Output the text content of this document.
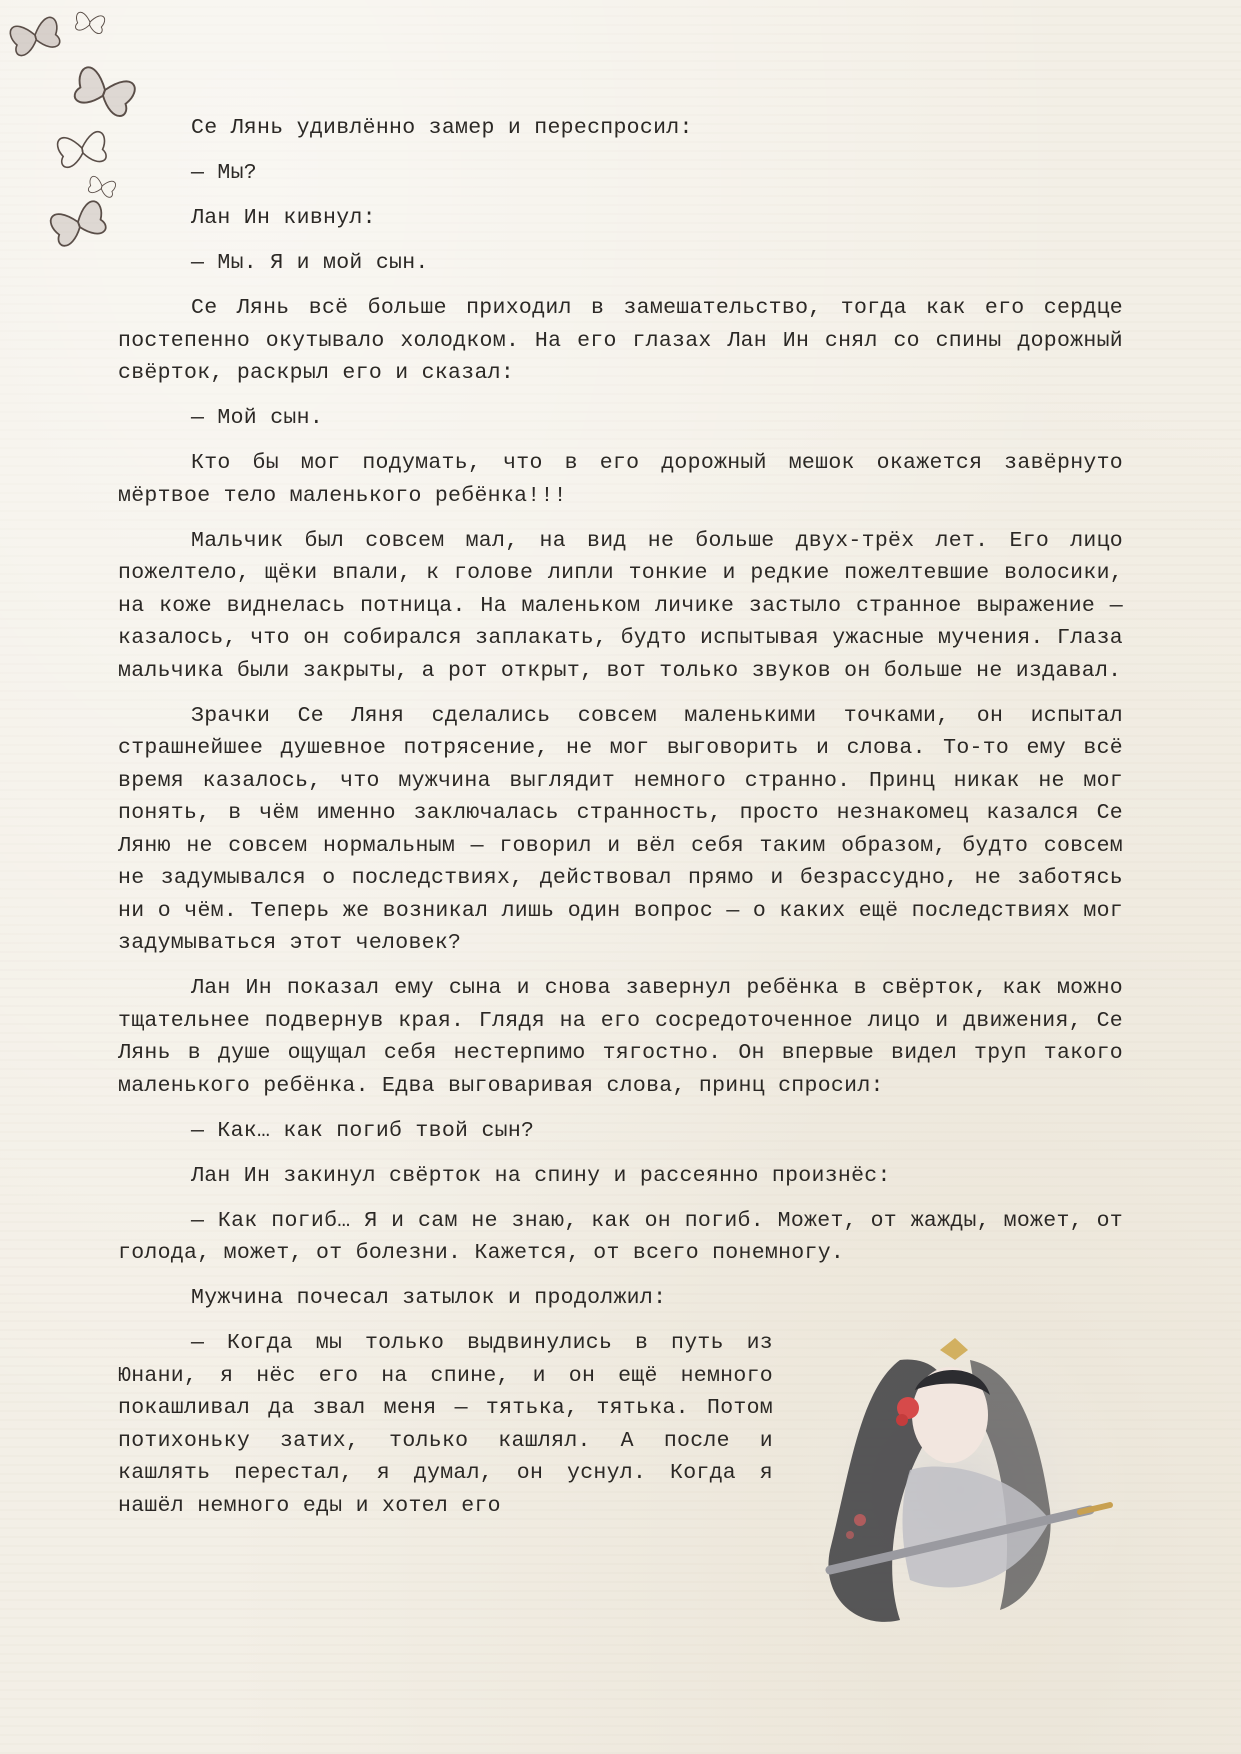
Се Лянь удивлённо замер и переспросил:

— Мы?

Лан Ин кивнул:

— Мы. Я и мой сын.

Се Лянь всё больше приходил в замешательство, тогда как его сердце постепенно окутывало холодком. На его глазах Лан Ин снял со спины дорожный свёрток, раскрыл его и сказал:

— Мой сын.

Кто бы мог подумать, что в его дорожный мешок окажется завёрнуто мёртвое тело маленького ребёнка!!!

Мальчик был совсем мал, на вид не больше двух-трёх лет. Его лицо пожелтело, щёки впали, к голове липли тонкие и редкие пожелтевшие волосики, на коже виднелась потница. На маленьком личике застыло странное выражение — казалось, что он собирался заплакать, будто испытывая ужасные мучения. Глаза мальчика были закрыты, а рот открыт, вот только звуков он больше не издавал.

Зрачки Се Ляня сделались совсем маленькими точками, он испытал страшнейшее душевное потрясение, не мог выговорить и слова. То-то ему всё время казалось, что мужчина выглядит немного странно. Принц никак не мог понять, в чём именно заключалась странность, просто незнакомец казался Се Ляню не совсем нормальным — говорил и вёл себя таким образом, будто совсем не задумывался о последствиях, действовал прямо и безрассудно, не заботясь ни о чём. Теперь же возникал лишь один вопрос — о каких ещё последствиях мог задумываться этот человек?

Лан Ин показал ему сына и снова завернул ребёнка в свёрток, как можно тщательнее подвернув края. Глядя на его сосредоточенное лицо и движения, Се Лянь в душе ощущал себя нестерпимо тягостно. Он впервые видел труп такого маленького ребёнка. Едва выговаривая слова, принц спросил:

— Как… как погиб твой сын?

Лан Ин закинул свёрток на спину и рассеянно произнёс:

— Как погиб… Я и сам не знаю, как он погиб. Может, от жажды, может, от голода, может, от болезни. Кажется, от всего понемногу.

Мужчина почесал затылок и продолжил:

— Когда мы только выдвинулись в путь из Юнани, я нёс его на спине, и он ещё немного покашливал да звал меня — тятька, тятька. Потом потихоньку затих, только кашлял. А после и кашлять перестал, я думал, он уснул. Когда я нашёл немного еды и хотел его
